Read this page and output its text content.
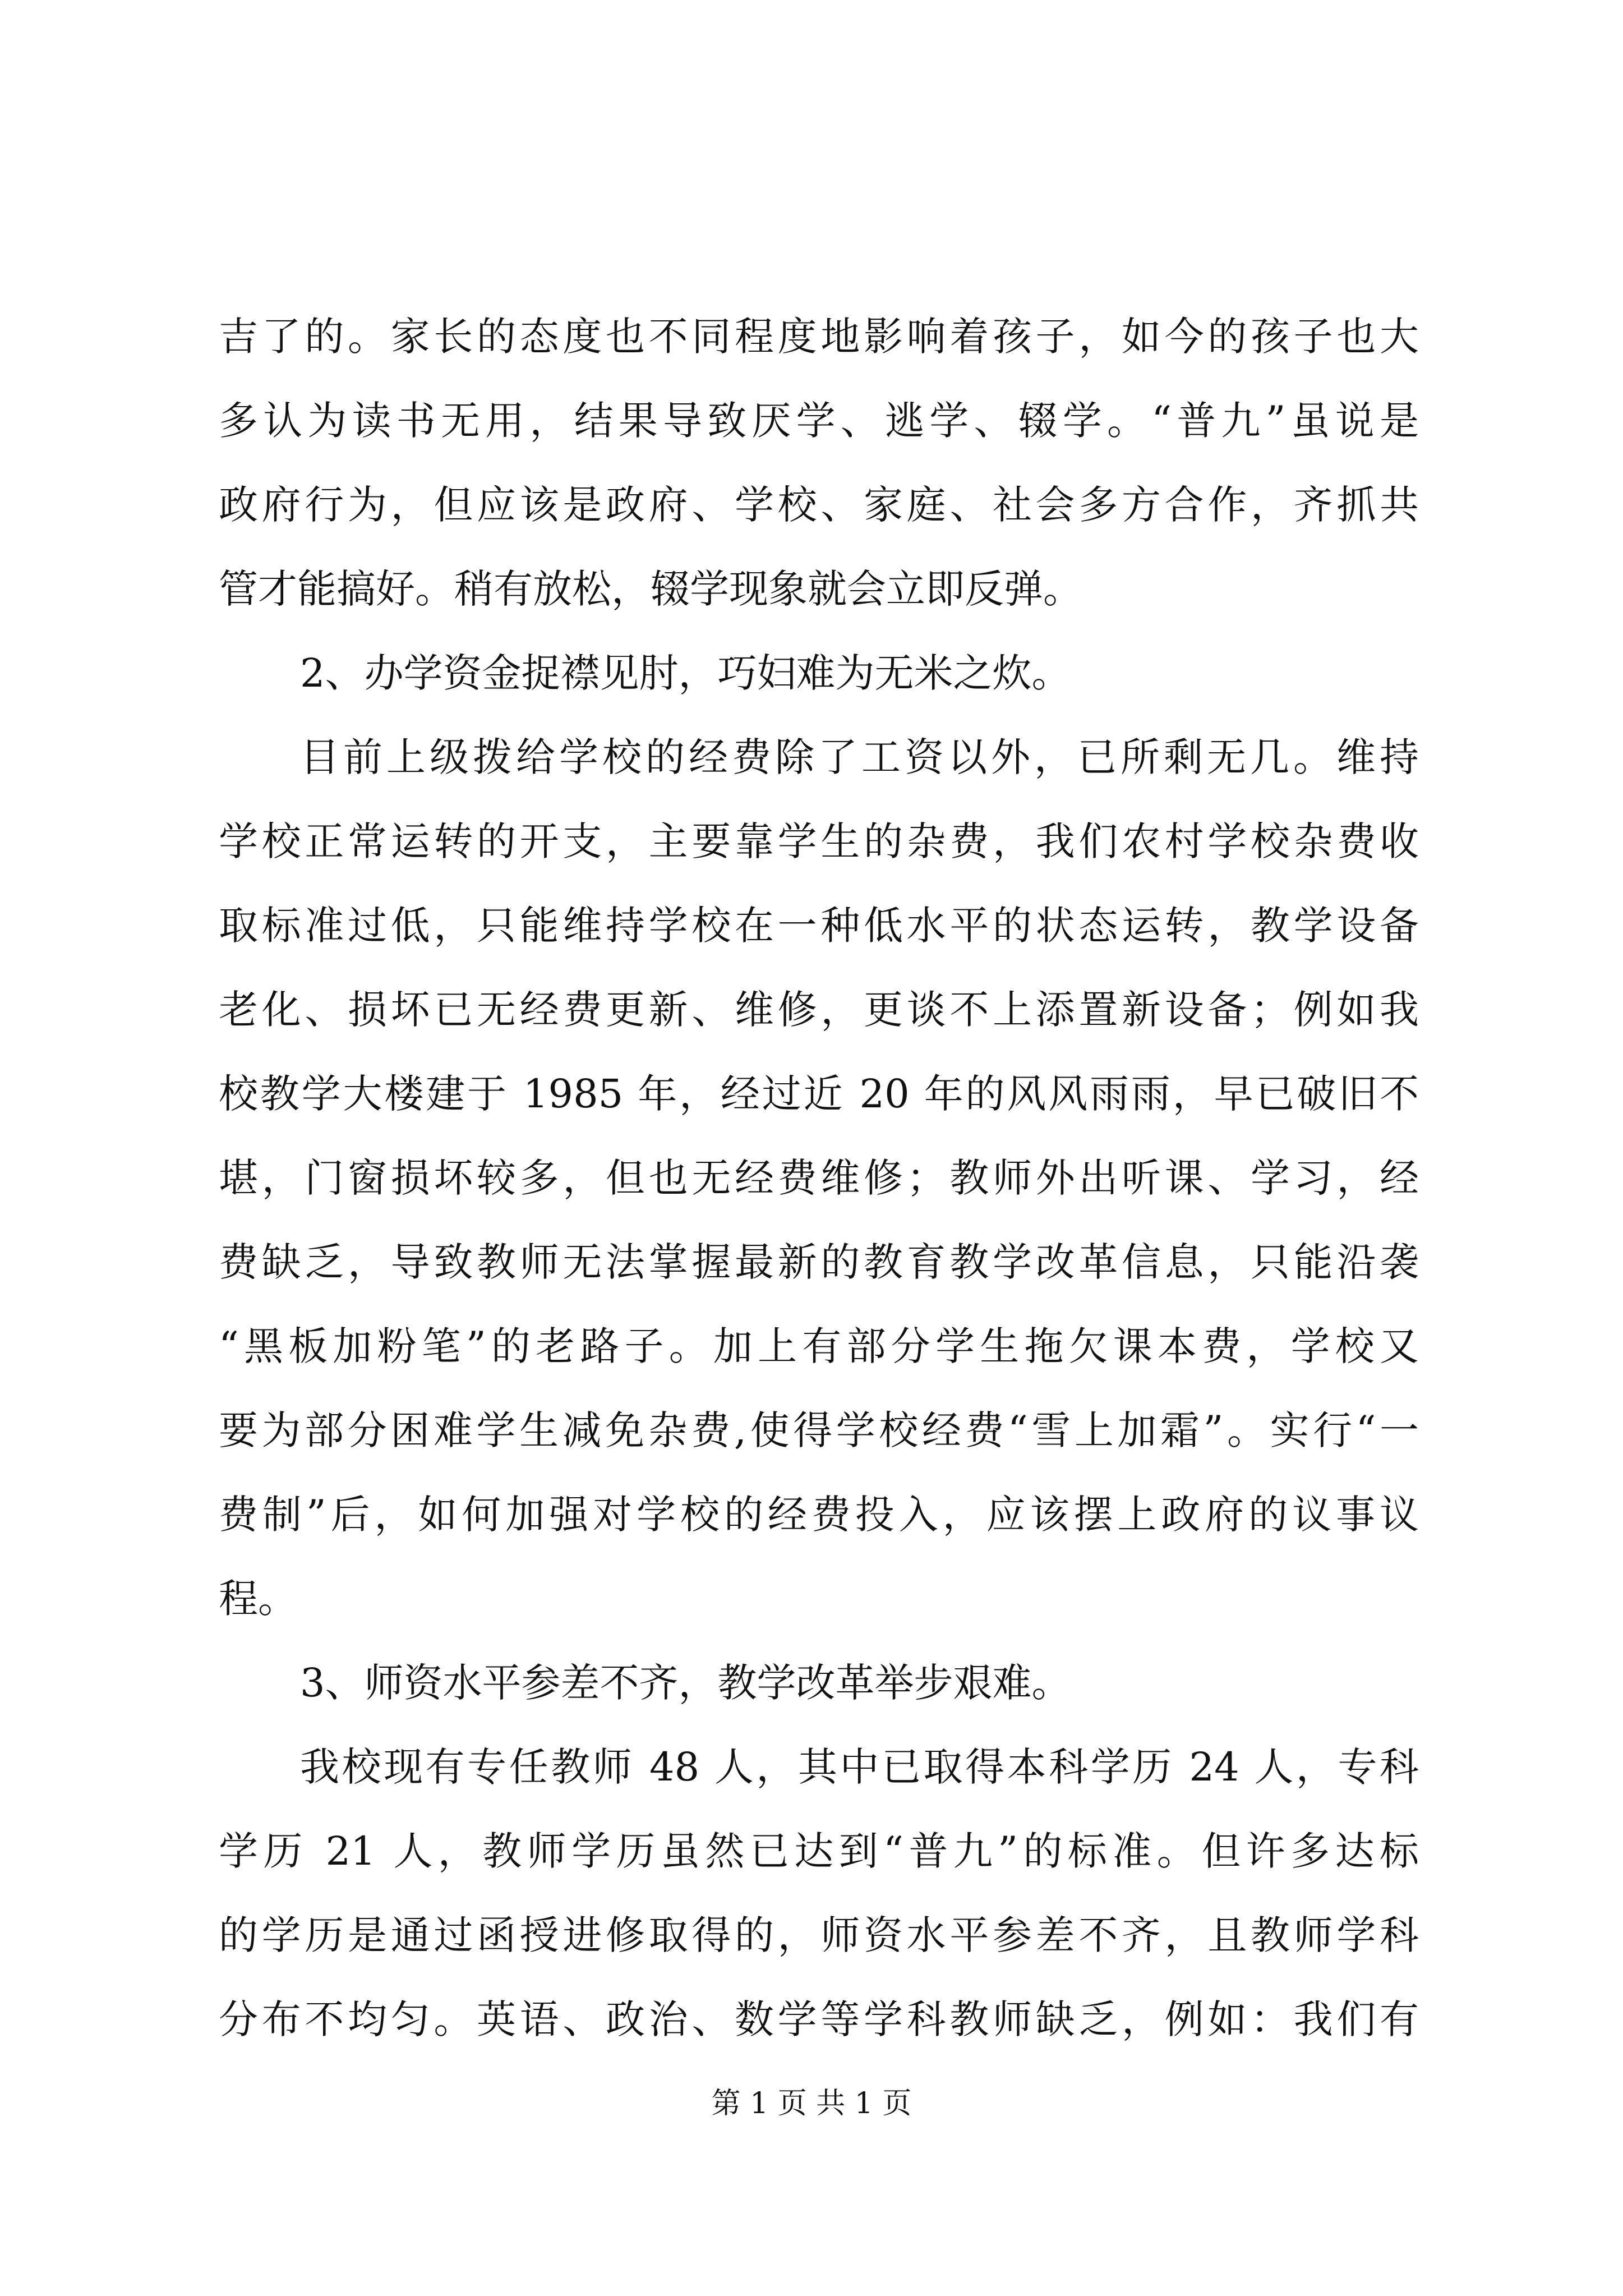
吉了的。家长的态度也不同程度地影响着孩子，如今的孩子也大
多认为读书无用，结果导致厌学、逃学、辍学。“普九”虽说是
政府行为，但应该是政府、学校、家庭、社会多方合作，齐抓共
管才能搞好。稍有放松，辍学现象就会立即反弹。
2、办学资金捉襟见肘，巧妇难为无米之炊。
目前上级拨给学校的经费除了工资以外，已所剩无几。维持
学校正常运转的开支，主要靠学生的杂费，我们农村学校杂费收
取标准过低，只能维持学校在一种低水平的状态运转，教学设备
老化、损坏已无经费更新、维修，更谈不上添置新设备；例如我
校教学大楼建于 1985 年，经过近 20 年的风风雨雨，早已破旧不
堪，门窗损坏较多，但也无经费维修；教师外出听课、学习，经
费缺乏，导致教师无法掌握最新的教育教学改革信息，只能沿袭
“黑板加粉笔”的老路子。加上有部分学生拖欠课本费，学校又
要为部分困难学生减免杂费,使得学校经费“雪上加霜”。实行“一
费制”后，如何加强对学校的经费投入，应该摆上政府的议事议
程。
3、师资水平参差不齐，教学改革举步艰难。
我校现有专任教师 48 人，其中已取得本科学历 24 人，专科
学历 21 人，教师学历虽然已达到“普九”的标准。但许多达标
的学历是通过函授进修取得的，师资水平参差不齐，且教师学科
分布不均匀。英语、政治、数学等学科教师缺乏，例如：我们有
第 1 页 共 1 页
